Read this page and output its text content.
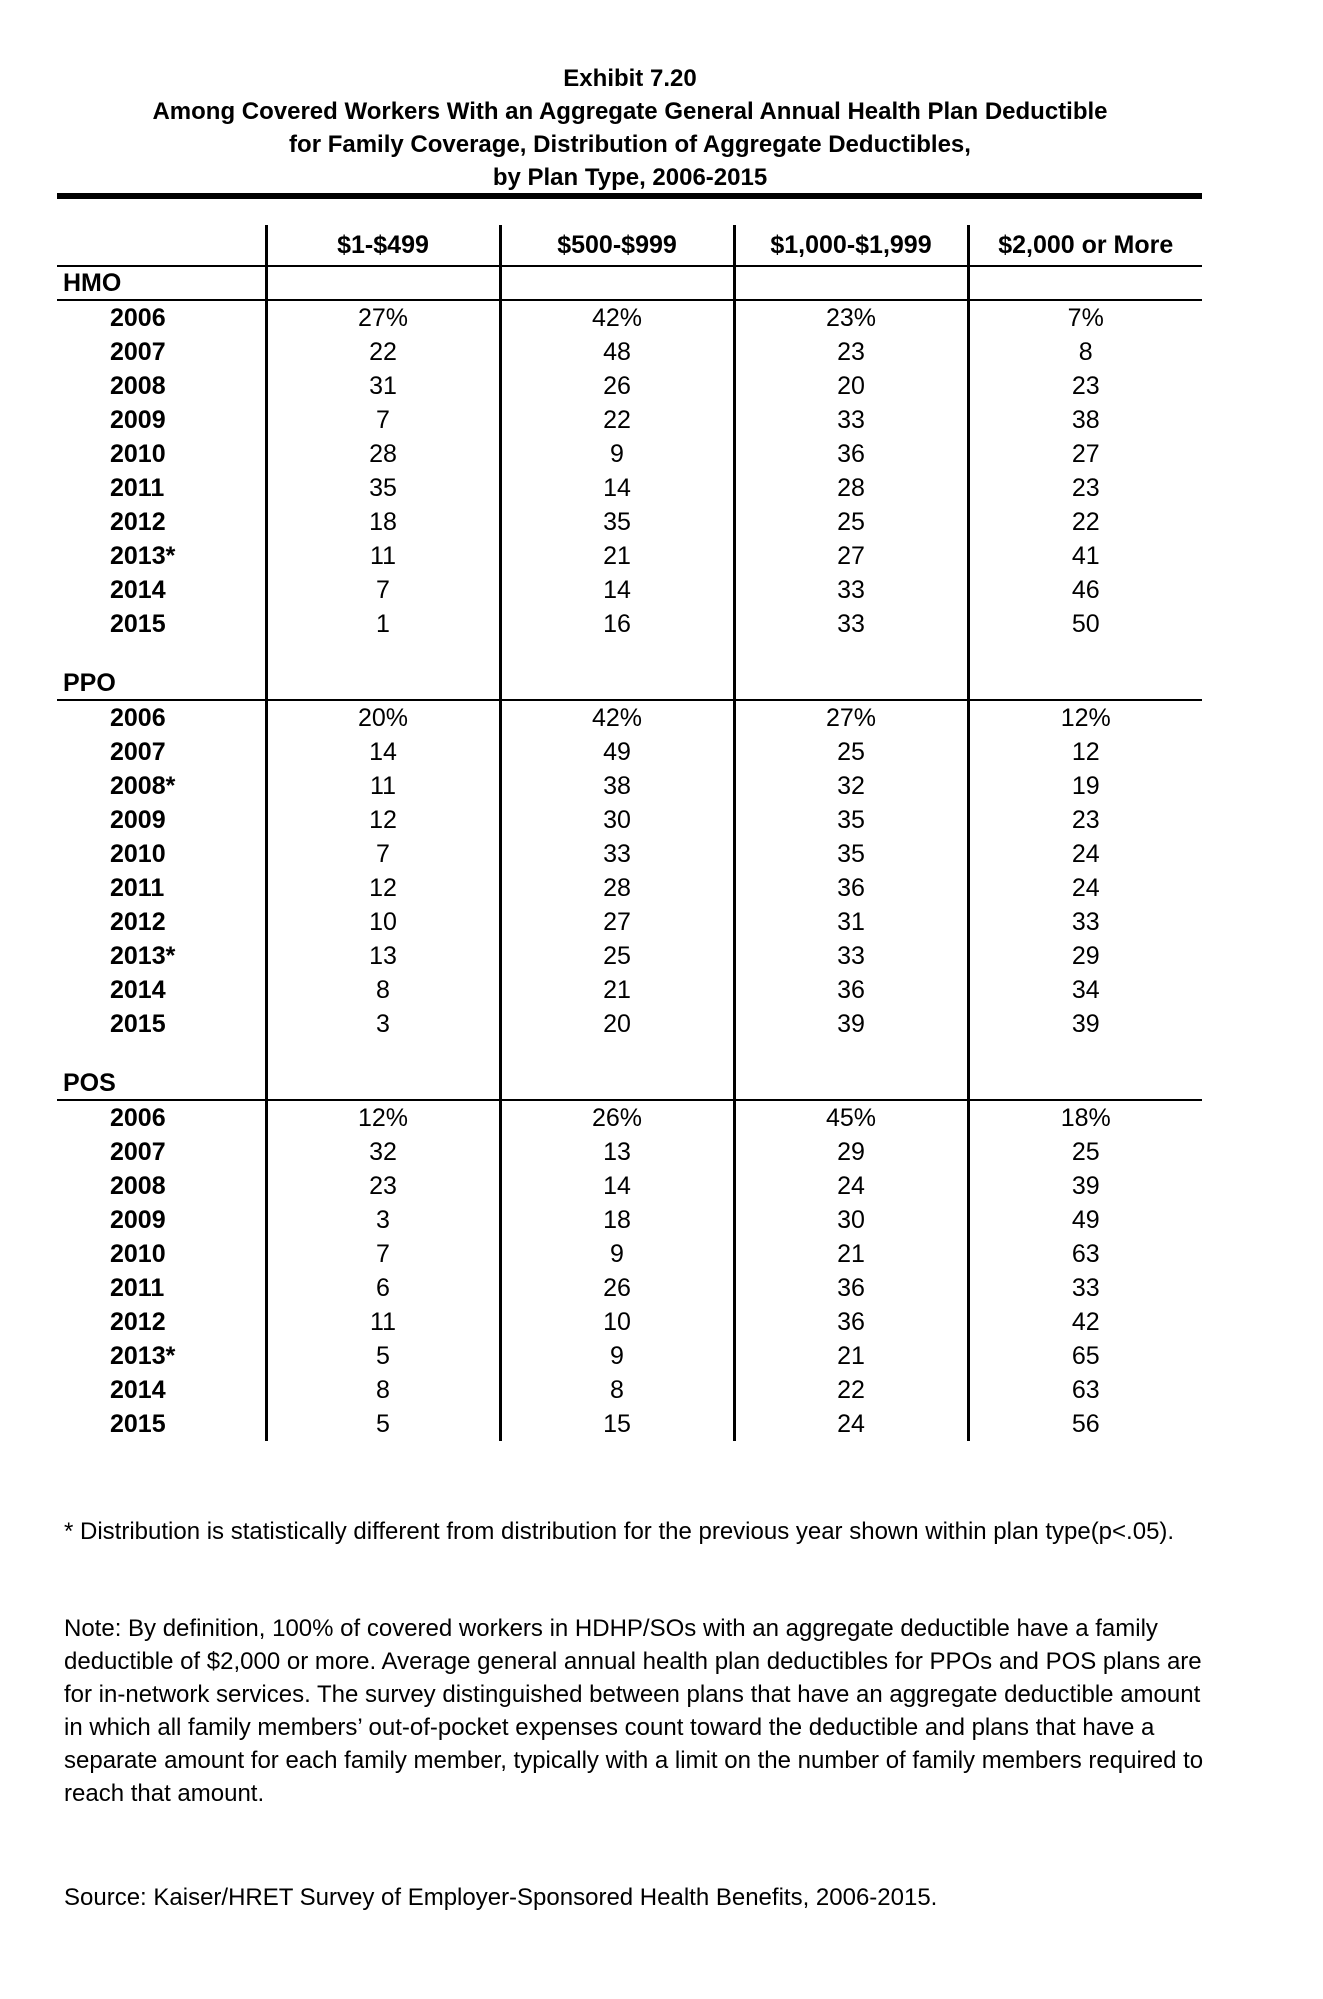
Exhibit 7.20
Among Covered Workers With an Aggregate General Annual Health Plan Deductible
for Family Coverage, Distribution of Aggregate Deductibles,
by Plan Type, 2006-2015
	$1-$499	$500-$999	$1,000-$1,999	$2,000 or More
HMO				
2006	27%	42%	23%	7%
2007	22	48	23	8
2008	31	26	20	23
2009	7	22	33	38
2010	28	9	36	27
2011	35	14	28	23
2012	18	35	25	22
2013*	11	21	27	41
2014	7	14	33	46
2015	1	16	33	50

PPO				
2006	20%	42%	27%	12%
2007	14	49	25	12
2008*	11	38	32	19
2009	12	30	35	23
2010	7	33	35	24
2011	12	28	36	24
2012	10	27	31	33
2013*	13	25	33	29
2014	8	21	36	34
2015	3	20	39	39

POS				
2006	12%	26%	45%	18%
2007	32	13	29	25
2008	23	14	24	39
2009	3	18	30	49
2010	7	9	21	63
2011	6	26	36	33
2012	11	10	36	42
2013*	5	9	21	65
2014	8	8	22	63
2015	5	15	24	56

* Distribution is statistically different from distribution for the previous year shown within plan type(p<.05).

Note: By definition, 100% of covered workers in HDHP/SOs with an aggregate deductible have a family deductible of $2,000 or more. Average general annual health plan deductibles for PPOs and POS plans are for in-network services. The survey distinguished between plans that have an aggregate deductible amount in which all family members’ out-of-pocket expenses count toward the deductible and plans that have a separate amount for each family member, typically with a limit on the number of family members required to reach that amount.

Source: Kaiser/HRET Survey of Employer-Sponsored Health Benefits, 2006-2015.
